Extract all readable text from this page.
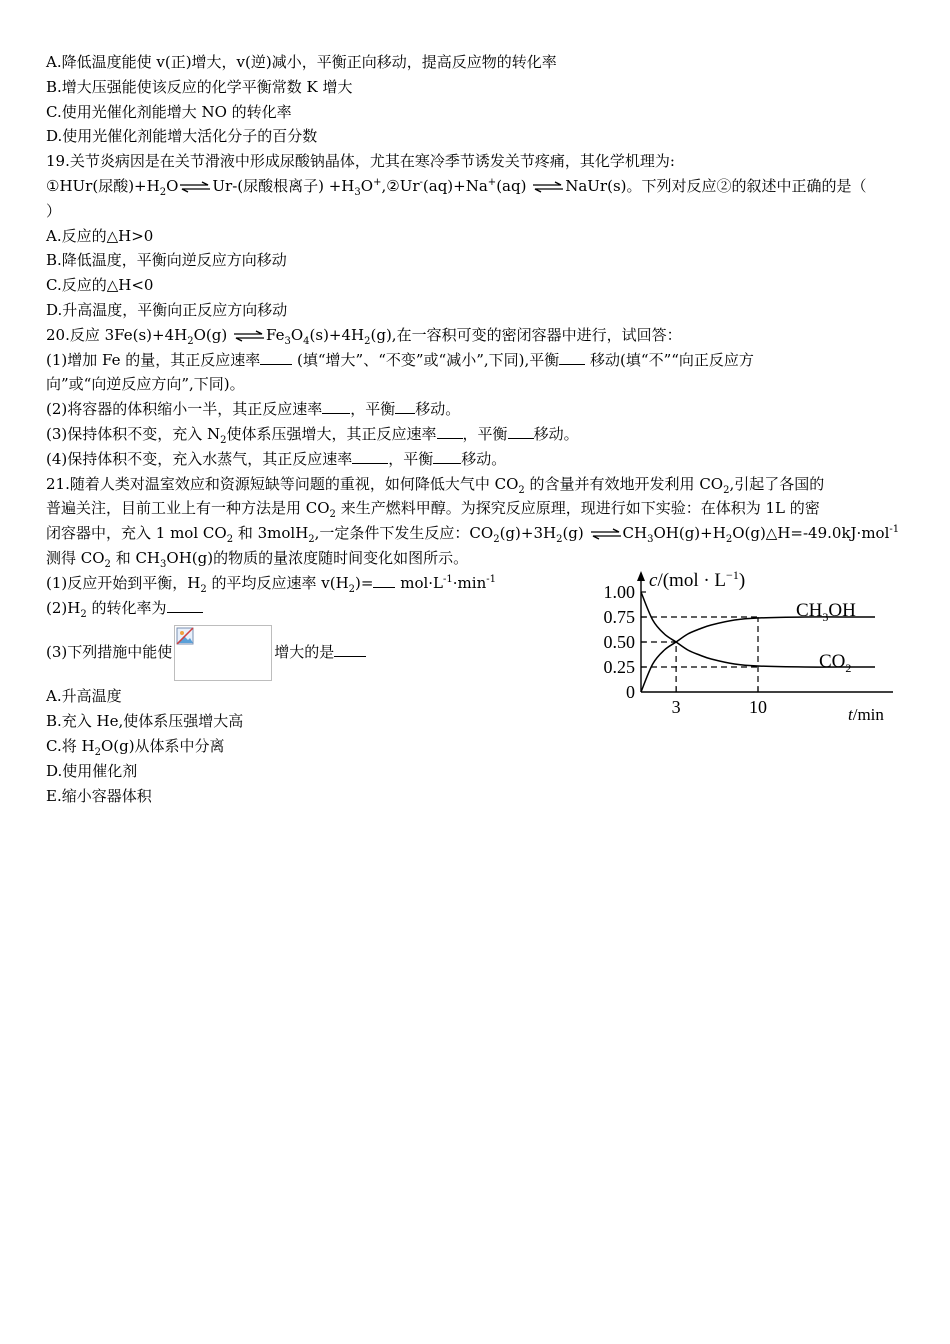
A.降低温度能使 v(正)增大，v(逆)减小，平衡正向移动，提高反应物的转化率
B.增大压强能使该反应的化学平衡常数 K 增大
C.使用光催化剂能增大 NO 的转化率
D.使用光催化剂能增大活化分子的百分数
19.关节炎病因是在关节滑液中形成尿酸钠晶体，尤其在寒冷季节诱发关节疼痛，其化学机理为:
①HUr(尿酸)$+H_2O\rightleftharpoons Ur-$(尿酸根离子) $+H_3O^+,②Ur^-(aq)+Na^+(aq)$ ⇌NaUr(s)。下列对反应②的叙述中正确的是（
）
A.反应的△H>0
B.降低温度，平衡向逆反应方向移动
C.反应的△H<0
D.升高温度，平衡向正反应方向移动
20.反应 $3Fe(s)+4H_2O(g)$ $\rightleftharpoons Fe_3O_4(s)+4H_2(g)$,在一容积可变的密闭容器中进行，试回答：
(1)增加 Fe 的量，其正反应速率 (填“增大”、“不变”或“减小”,下同),平衡 移动(填“不”“向正反应方
向”或“向逆反应方向”,下同)。
(2)将容器的体积缩小一半，其正反应速率 ，平衡 移动。
(3)保持体积不变，充入 $N_2$使体系压强增大，其正反应速率 ，平衡 移动。
(4)保持体积不变，充入水蒸气，其正反应速率 ，平衡 移动。
21.随着人类对温室效应和资源短缺等问题的重视，如何降低大气中 $CO_2$ 的含量并有效地开发利用 $CO_2$,引起了各国的
普遍关注，目前工业上有一种方法是用 $CO_2$ 来生产燃料甲醇。为探究反应原理，现进行如下实验：在体积为 1L 的密
闭容器中，充入 1 mol $CO_2$ 和 3molH$_2$,一定条件下发生反应：$CO_2(g)+3H_2(g)$ $\rightleftharpoons CH_3OH(g)+H_2O(g)\triangle H=-49.0kJ\cdot mol^{-1}$
测得 $CO_2$ 和 $CH_3OH(g)$的物质的量浓度随时间变化如图所示。
(1)反应开始到平衡，$H_2$ 的平均反应速率 $v(H_2)= mol\cdot L^{-1}\cdot\min^{-1}$
$(2)H_2$ 的转化率为
(3)下列措施中能使	增大的是
A.升高温度
B.充入 He,使体系压强增大高
C.将 $H_2O(g)$从体系中分离
D.使用催化剂
E.缩小容器体积
1.00
0.75
0.50
0.25
0
3	10
$c/(mol \cdot L^{-1})$
t/min
$CH_3OH$
$CO_2$
